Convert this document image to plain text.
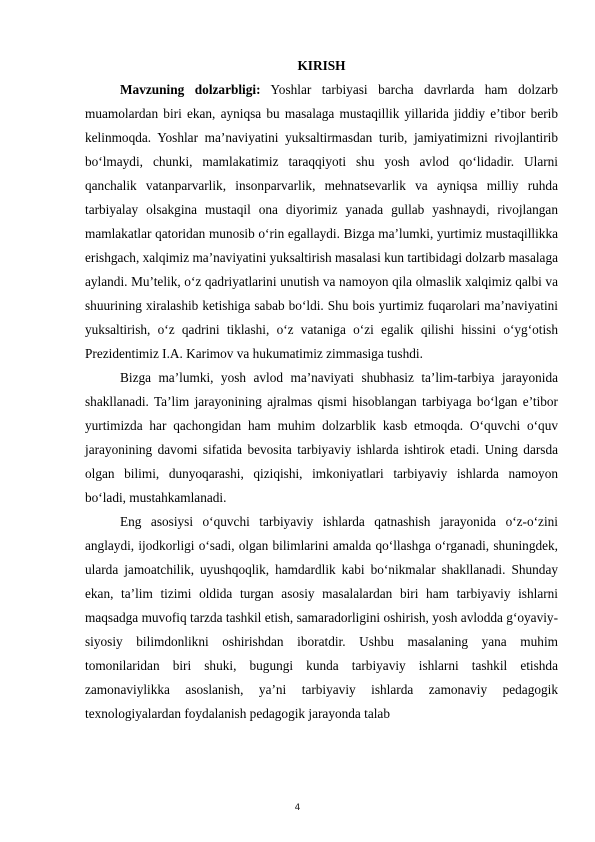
KIRISH

Mavzuning dolzarbligi: Yoshlar tarbiyasi barcha davrlarda ham dolzarb muamolardan biri ekan, ayniqsa bu masalaga mustaqillik yillarida jiddiy e’tibor berib kelinmoqda. Yoshlar ma’naviyatini yuksaltirmasdan turib, jamiyatimizni rivojlantirib bo‘lmaydi, chunki, mamlakatimiz taraqqiyoti shu yosh avlod qo‘lidadir. Ularni qanchalik vatanparvarlik, insonparvarlik, mehnatsevarlik va ayniqsa milliy ruhda tarbiyalay olsakgina mustaqil ona diyorimiz yanada gullab yashnaydi, rivojlangan mamlakatlar qatoridan munosib o‘rin egallaydi. Bizga ma’lumki, yurtimiz mustaqillikka erishgach, xalqimiz ma’naviyatini yuksaltirish masalasi kun tartibidagi dolzarb masalaga aylandi. Mu’telik, o‘z qadriyatlarini unutish va namoyon qila olmaslik xalqimiz qalbi va shuurining xiralashib ketishiga sabab bo‘ldi. Shu bois yurtimiz fuqarolari ma’naviyatini yuksaltirish, o‘z qadrini tiklashi, o‘z vataniga o‘zi egalik qilishi hissini o‘yg‘otish Prezidentimiz I.A. Karimov va hukumatimiz zimmasiga tushdi.

Bizga ma’lumki, yosh avlod ma’naviyati shubhasiz ta’lim-tarbiya jarayonida shakllanadi. Ta’lim jarayonining ajralmas qismi hisoblangan tarbiyaga bo‘lgan e’tibor yurtimizda har qachongidan ham muhim dolzarblik kasb etmoqda. O‘quvchi o‘quv jarayonining davomi sifatida bevosita tarbiyaviy ishlarda ishtirok etadi. Uning darsda olgan bilimi, dunyoqarashi, qiziqishi, imkoniyatlari tarbiyaviy ishlarda namoyon bo‘ladi, mustahkamlanadi.

Eng asosiysi o‘quvchi tarbiyaviy ishlarda qatnashish jarayonida o‘z-o‘zini anglaydi, ijodkorligi o‘sadi, olgan bilimlarini amalda qo‘llashga o‘rganadi, shuningdek, ularda jamoatchilik, uyushqoqlik, hamdardlik kabi bo‘nikmalar shakllanadi. Shunday ekan, ta’lim tizimi oldida turgan asosiy masalalardan biri ham tarbiyaviy ishlarni maqsadga muvofiq tarzda tashkil etish, samaradorligini oshirish, yosh avlodda g‘oyaviy-siyosiy bilimdonlikni oshirishdan iboratdir. Ushbu masalaning yana muhim tomonilaridan biri shuki, bugungi kunda tarbiyaviy ishlarni tashkil etishda zamonaviylikka asoslanish, ya’ni tarbiyaviy ishlarda zamonaviy pedagogik texnologiyalardan foydalanish pedagogik jarayonda talab

4
